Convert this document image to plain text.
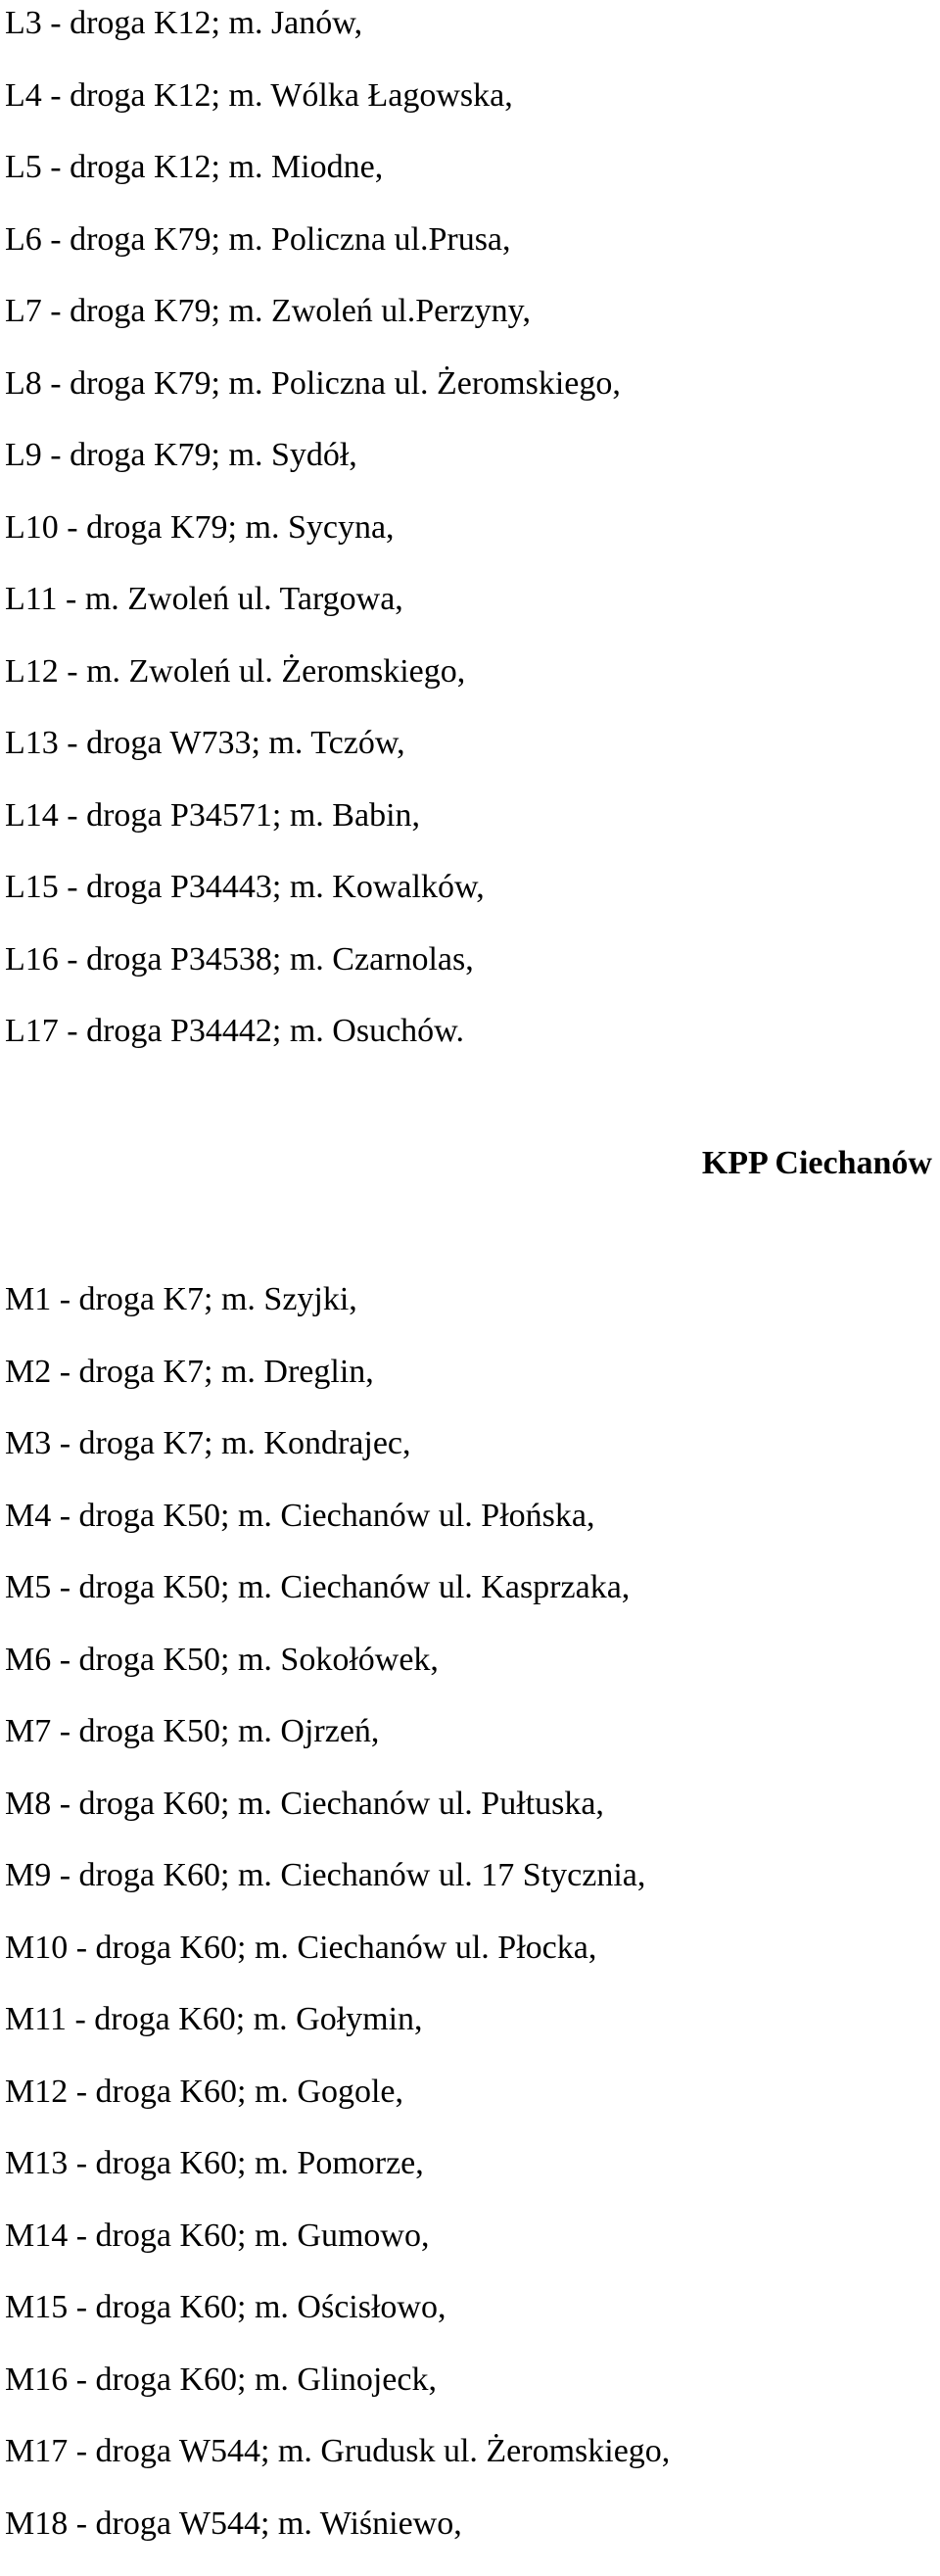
L3 - droga K12; m. Janów,
L4 - droga K12; m. Wólka Łagowska,
L5 - droga K12; m. Miodne,
L6 - droga K79; m. Policzna ul.Prusa,
L7 - droga K79; m. Zwoleń ul.Perzyny,
L8 - droga K79; m. Policzna ul. Żeromskiego,
L9 - droga K79; m. Sydół,
L10 - droga K79; m. Sycyna,
L11 - m. Zwoleń ul. Targowa,
L12 - m. Zwoleń ul. Żeromskiego,
L13 - droga W733; m. Tczów,
L14 - droga P34571; m. Babin,
L15 - droga P34443; m. Kowalków,
L16 - droga P34538; m. Czarnolas,
L17 - droga P34442; m. Osuchów.
KPP Ciechanów
M1 - droga K7; m. Szyjki,
M2 - droga K7; m. Dreglin,
M3 - droga K7; m. Kondrajec,
M4 - droga K50; m. Ciechanów ul. Płońska,
M5 - droga K50; m. Ciechanów ul. Kasprzaka,
M6 - droga K50; m. Sokołówek,
M7 - droga K50; m. Ojrzeń,
M8 - droga K60; m. Ciechanów ul. Pułtuska,
M9 - droga K60; m. Ciechanów ul. 17 Stycznia,
M10 - droga K60; m. Ciechanów ul. Płocka,
M11 - droga K60; m. Gołymin,
M12 - droga K60; m. Gogole,
M13 - droga K60; m. Pomorze,
M14 - droga K60; m. Gumowo,
M15 - droga K60; m. Ościsłowo,
M16 - droga K60; m. Glinojeck,
M17 - droga W544; m. Grudusk ul. Żeromskiego,
M18 - droga W544; m. Wiśniewo,
